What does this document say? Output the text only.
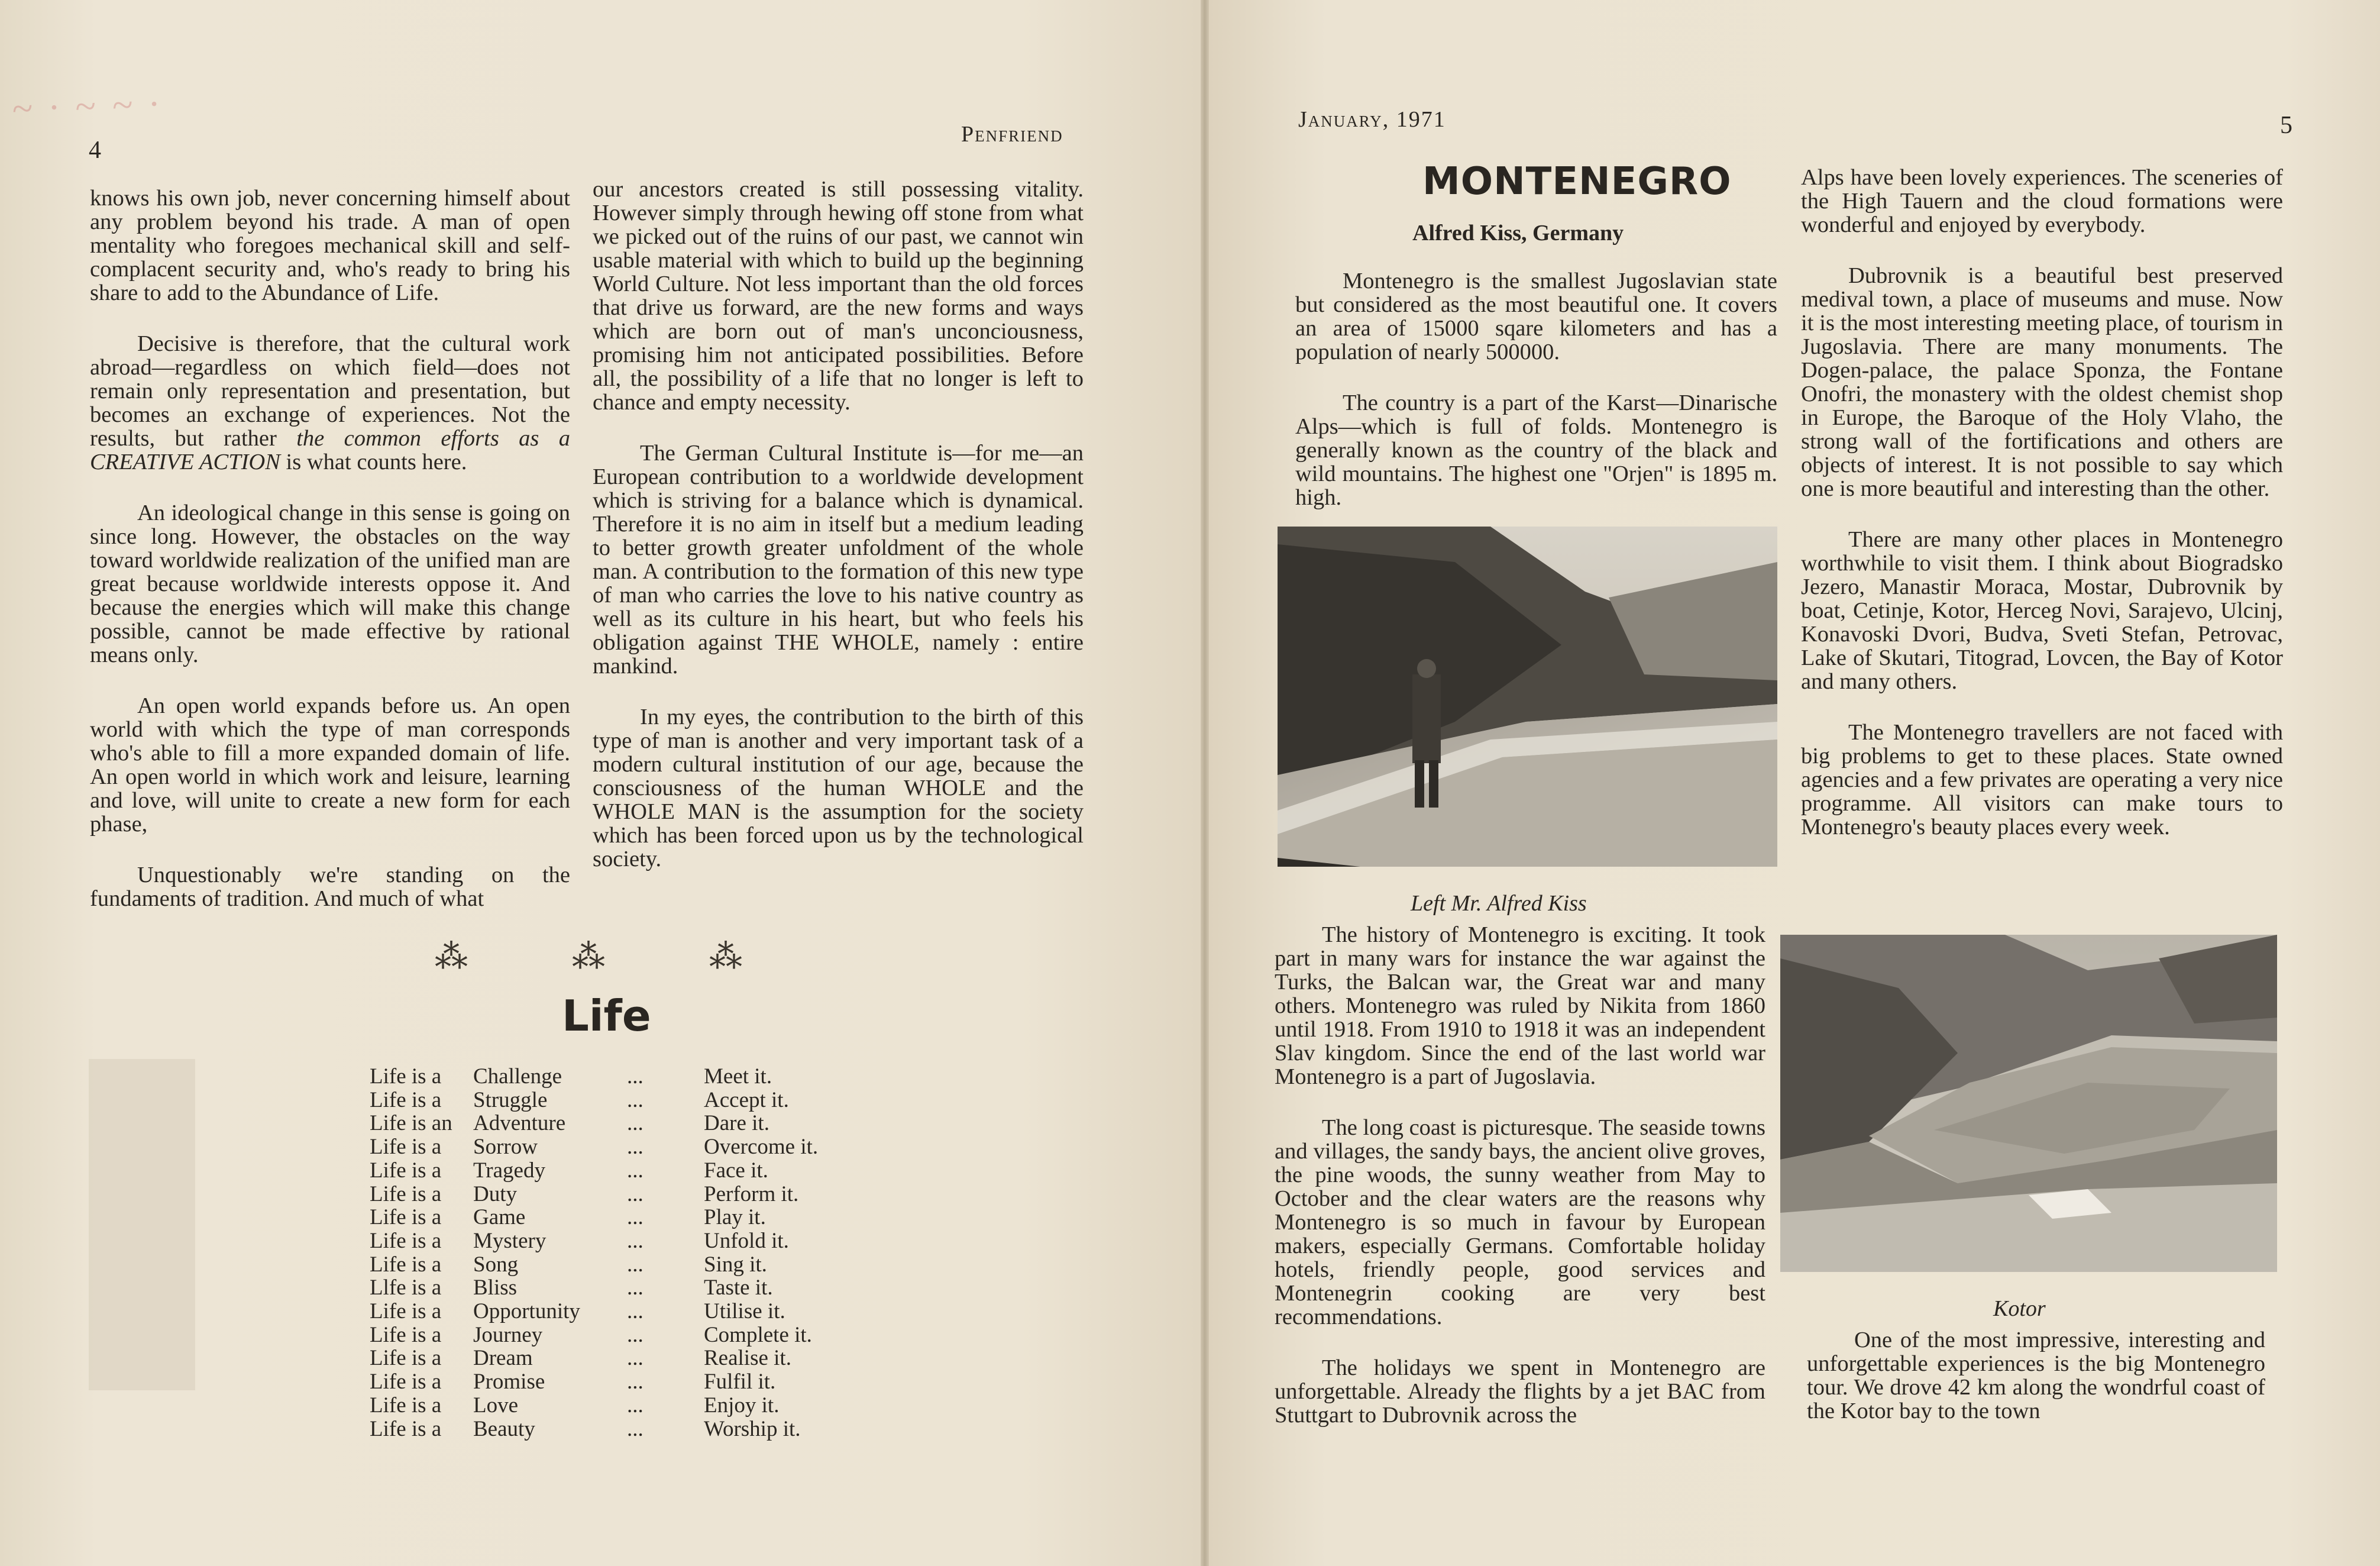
~ · ~ ~ ·
4
Penfriend

knows his own job, never concerning himself about any problem beyond his trade. A man of open mentality who foregoes mechanical skill and self-complacent security and, who's ready to bring his share to add to the Abundance of Life.

Decisive is therefore, that the cultural work abroad—regardless on which field—does not remain only representation and presentation, but becomes an exchange of experiences. Not the results, but rather the common efforts as a CREATIVE ACTION is what counts here.

An ideological change in this sense is going on since long. However, the obstacles on the way toward worldwide realization of the unified man are great because worldwide interests oppose it. And because the energies which will make this change possible, cannot be made effective by rational means only.

An open world expands before us. An open world with which the type of man corresponds who's able to fill a more expanded domain of life. An open world in which work and leisure, learning and love, will unite to create a new form for each phase,

Unquestionably we're standing on the fundaments of tradition. And much of what

our ancestors created is still possessing vitality. However simply through hewing off stone from what we picked out of the ruins of our past, we cannot win usable material with which to build up the beginning World Culture. Not less important than the old forces that drive us forward, are the new forms and ways which are born out of man's unconciousness, promising him not anticipated possibilities. Before all, the possibility of a life that no longer is left to chance and empty necessity.

The German Cultural Institute is—for me—an European contribution to a worldwide development which is striving for a balance which is dynamical. Therefore it is no aim in itself but a medium leading to better growth greater unfoldment of the whole man. A contribution to the formation of this new type of man who carries the love to his native country as well as its culture in his heart, but who feels his obligation against THE WHOLE, namely : entire mankind.

In my eyes, the contribution to the birth of this type of man is another and very important task of a modern cultural institution of our age, because the consciousness of the human WHOLE and the WHOLE MAN is the assumption for the society which has been forced upon us by the technological society.

⁂	⁂	⁂
Life
Life is a	Challenge	...	Meet it.
Life is a	Struggle	...	Accept it.
Life is an Adventure	...	Dare it.
Life is a	Sorrow	...	Overcome it.
Life is a	Tragedy	...	Face it.
Life is a	Duty	...	Perform it.
Life is a	Game	...	Play it.
Life is a	Mystery	...	Unfold it.
Life is a	Song	...	Sing it.
Llfe is a	Bliss	...	Taste it.
Life is a	Opportunity	...	Utilise it.
Life is a	Journey	...	Complete it.
Life is a	Dream	...	Realise it.
Life is a	Promise	...	Fulfil it.
Life is a	Love	...	Enjoy it.
Life is a	Beauty	...	Worship it.
January, 1971	5
MONTENEGRO
Alfred Kiss, Germany

Montenegro is the smallest Jugoslavian state but considered as the most beautiful one. It covers an area of 15000 sqare kilometers and has a population of nearly 500000.

The country is a part of the Karst—Dinarische Alps—which is full of folds. Montenegro is generally known as the country of the black and wild mountains. The highest one "Orjen" is 1895 m. high.

Left Mr. Alfred Kiss

The history of Montenegro is exciting. It took part in many wars for instance the war against the Turks, the Balcan war, the Great war and many others. Montenegro was ruled by Nikita from 1860 until 1918. From 1910 to 1918 it was an independent Slav kingdom. Since the end of the last world war Montenegro is a part of Jugoslavia.

The long coast is picturesque. The seaside towns and villages, the sandy bays, the ancient olive groves, the pine woods, the sunny weather from May to October and the clear waters are the reasons why Montenegro is so much in favour by European makers, especially Germans. Comfortable holiday hotels, friendly people, good services and Montenegrin cooking are very best recommendations.

The holidays we spent in Montenegro are unforgettable. Already the flights by a jet BAC from Stuttgart to Dubrovnik across the

Alps have been lovely experiences. The sceneries of the High Tauern and the cloud formations were wonderful and enjoyed by everybody.

Dubrovnik is a beautiful best preserved medival town, a place of museums and muse. Now it is the most interesting meeting place, of tourism in Jugoslavia. There are many monuments. The Dogen-palace, the palace Sponza, the Fontane Onofri, the monastery with the oldest chemist shop in Europe, the Baroque of the Holy Vlaho, the strong wall of the fortifications and others are objects of interest. It is not possible to say which one is more beautiful and interesting than the other.

There are many other places in Montenegro worthwhile to visit them. I think about Biogradsko Jezero, Manastir Moraca, Mostar, Dubrovnik by boat, Cetinje, Kotor, Herceg Novi, Sarajevo, Ulcinj, Konavoski Dvori, Budva, Sveti Stefan, Petrovac, Lake of Skutari, Titograd, Lovcen, the Bay of Kotor and many others.

The Montenegro travellers are not faced with big problems to get to these places. State owned agencies and a few privates are operating a very nice programme. All visitors can make tours to Montenegro's beauty places every week.

Kotor

One of the most impressive, interesting and unforgettable experiences is the big Montenegro tour. We drove 42 km along the wondrful coast of the Kotor bay to the town
